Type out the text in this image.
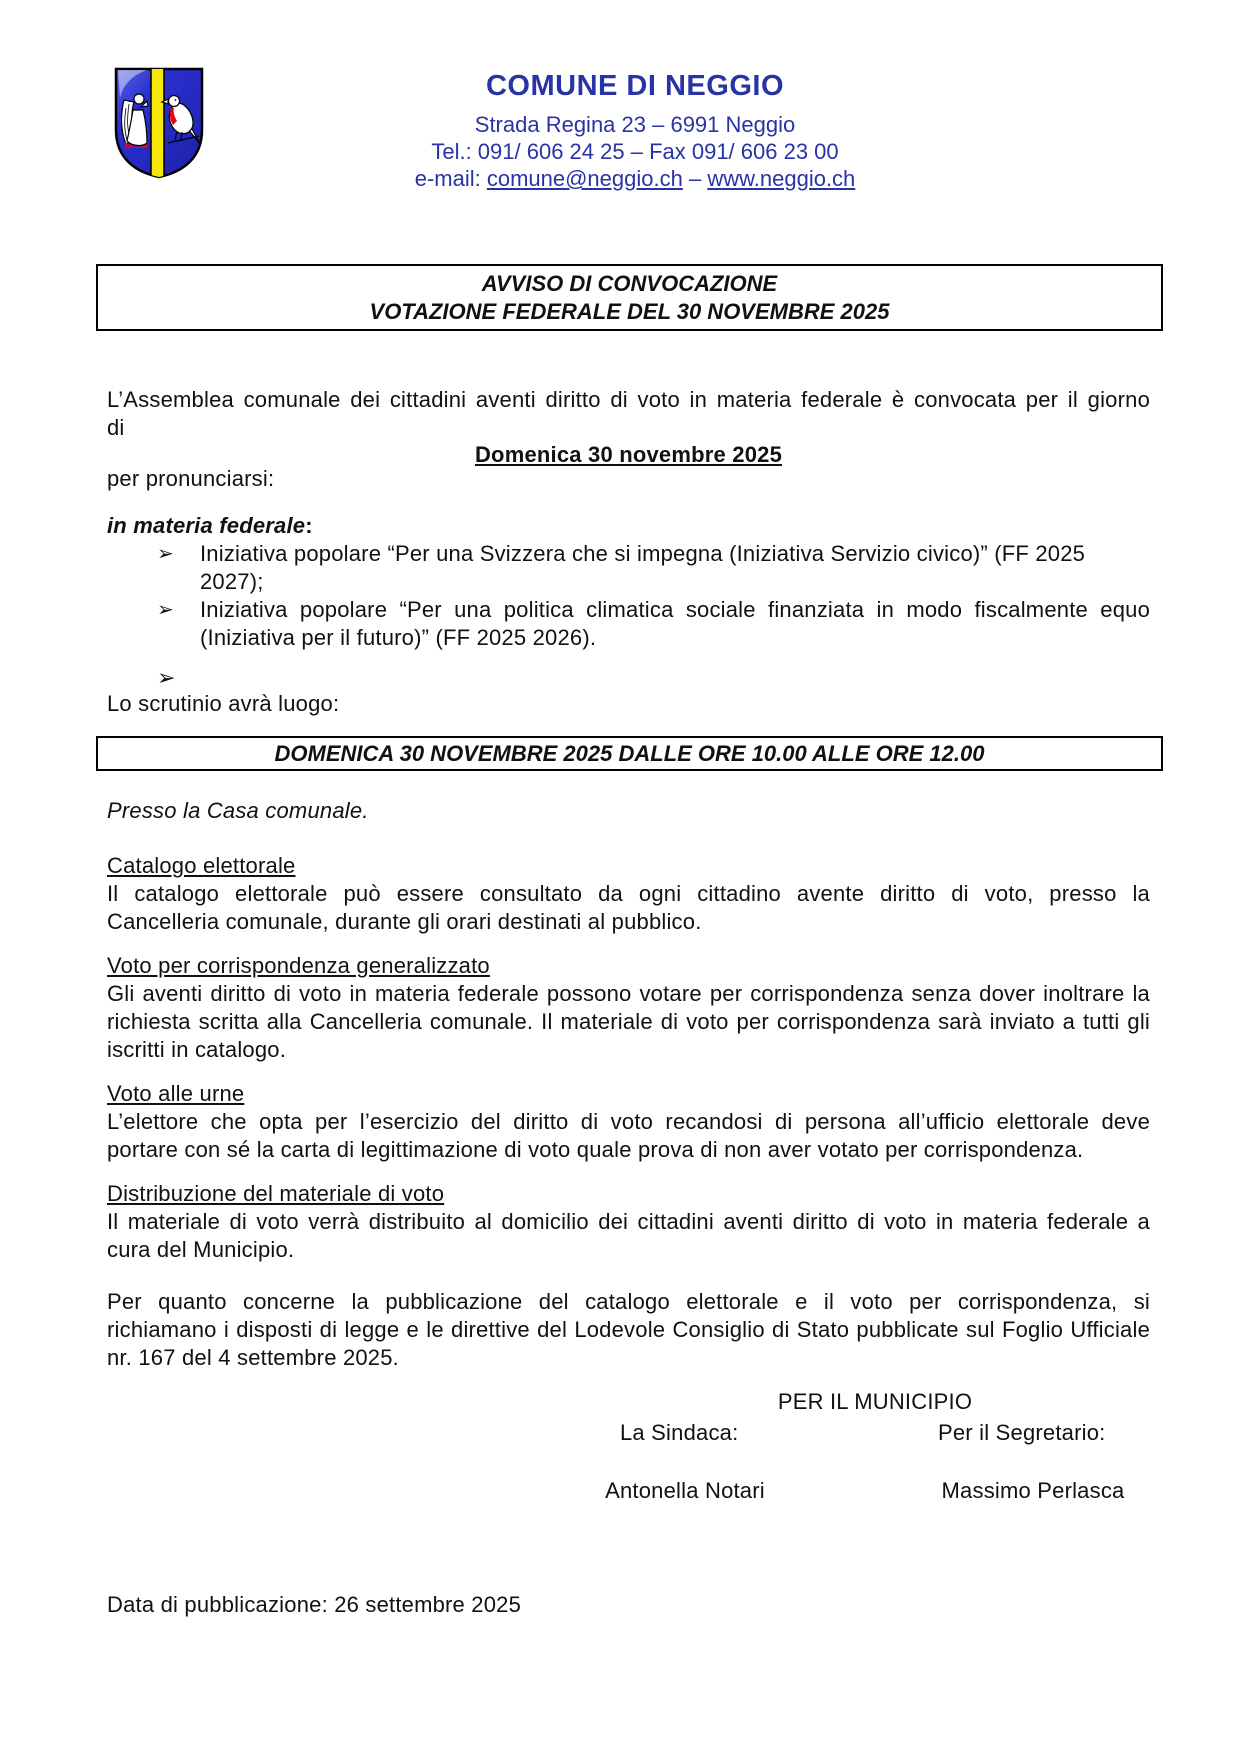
COMUNE DI NEGGIO
Strada Regina 23 – 6991 Neggio
Tel.: 091/ 606 24 25 – Fax 091/ 606 23 00
e-mail: comune@neggio.ch – www.neggio.ch
AVVISO DI CONVOCAZIONE
VOTAZIONE FEDERALE DEL 30 NOVEMBRE 2025
L’Assemblea comunale dei cittadini aventi diritto di voto in materia federale è convocata per il giorno
di
Domenica 30 novembre 2025
per pronunciarsi:
in materia federale:
➢	Iniziativa popolare “Per una Svizzera che si impegna (Iniziativa Servizio civico)” (FF 2025 2027);
➢	Iniziativa popolare “Per una politica climatica sociale finanziata in modo fiscalmente equo
(Iniziativa per il futuro)” (FF 2025 2026).
➢
Lo scrutinio avrà luogo:
DOMENICA 30 NOVEMBRE 2025 DALLE ORE 10.00 ALLE ORE 12.00
Presso la Casa comunale.
Catalogo elettorale
Il catalogo elettorale può essere consultato da ogni cittadino avente diritto di voto, presso la
Cancelleria comunale, durante gli orari destinati al pubblico.
Voto per corrispondenza generalizzato
Gli aventi diritto di voto in materia federale possono votare per corrispondenza senza dover inoltrare la
richiesta scritta alla Cancelleria comunale. Il materiale di voto per corrispondenza sarà inviato a tutti gli
iscritti in catalogo.
Voto alle urne
L’elettore che opta per l’esercizio del diritto di voto recandosi di persona all’ufficio elettorale deve
portare con sé la carta di legittimazione di voto quale prova di non aver votato per corrispondenza.
Distribuzione del materiale di voto
Il materiale di voto verrà distribuito al domicilio dei cittadini aventi diritto di voto in materia federale a
cura del Municipio.
Per quanto concerne la pubblicazione del catalogo elettorale e il voto per corrispondenza, si
richiamano i disposti di legge e le direttive del Lodevole Consiglio di Stato pubblicate sul Foglio Ufficiale
nr. 167 del 4 settembre 2025.
PER IL MUNICIPIO
La Sindaca:	Per il Segretario:
Antonella Notari	Massimo Perlasca
Data di pubblicazione: 26 settembre 2025
